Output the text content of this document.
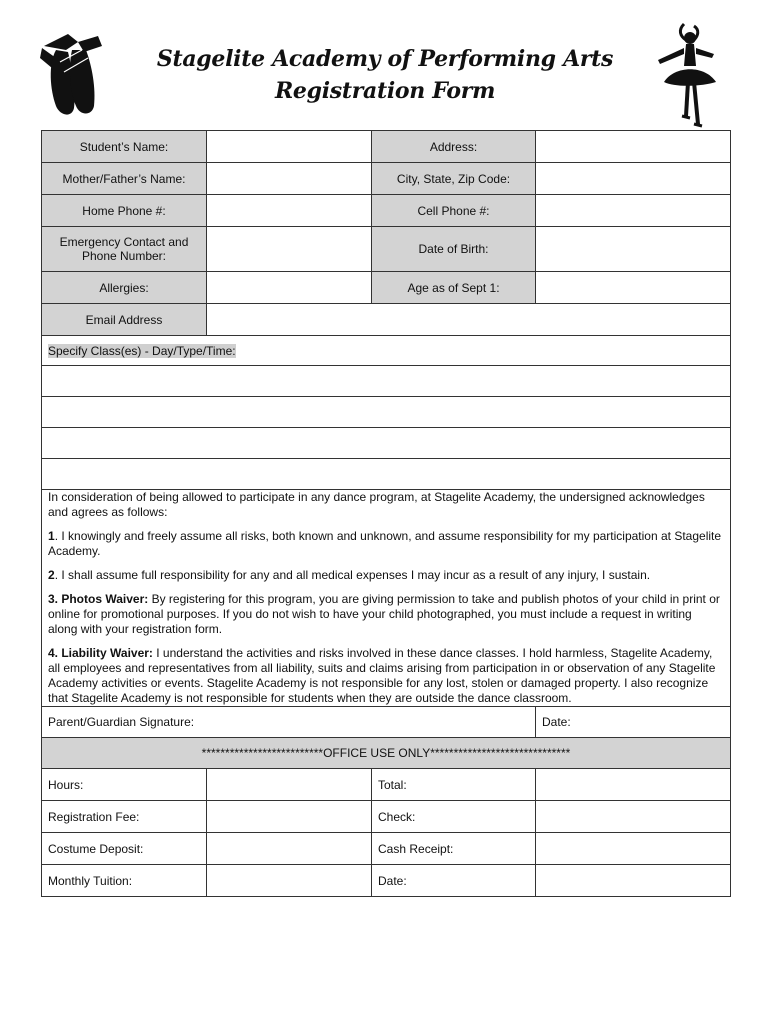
Stagelite Academy of Performing Arts
Registration Form
Student’s Name:		Address:	
Mother/Father’s Name:		City, State, Zip Code:	
Home Phone #:		Cell Phone #:	
Emergency Contact and Phone Number:		Date of Birth:	
Allergies:		Age as of Sept 1:	
Email Address			
Specify Class(es) - Day/Type/Time:			

In consideration of being allowed to participate in any dance program, at Stagelite Academy, the undersigned acknowledges and agrees as follows:

1. I knowingly and freely assume all risks, both known and unknown, and assume responsibility for my participation at Stagelite Academy.

2. I shall assume full responsibility for any and all medical expenses I may incur as a result of any injury, I sustain.

3. Photos Waiver: By registering for this program, you are giving permission to take and publish photos of your child in print or online for promotional purposes. If you do not wish to have your child photographed, you must include a request in writing along with your registration form.

4. Liability Waiver: I understand the activities and risks involved in these dance classes. I hold harmless, Stagelite Academy, all employees and representatives from all liability, suits and claims arising from participation in or observation of any Stagelite Academy activities or events. Stagelite Academy is not responsible for any lost, stolen or damaged property. I also recognize that Stagelite Academy is not responsible for students when they are outside the dance classroom.			

Parent/Guardian Signature:			Date:
**************************OFFICE USE ONLY******************************			
Hours:		Total:	
Registration Fee:		Check:	
Costume Deposit:		Cash Receipt:	
Monthly Tuition:		Date:	
